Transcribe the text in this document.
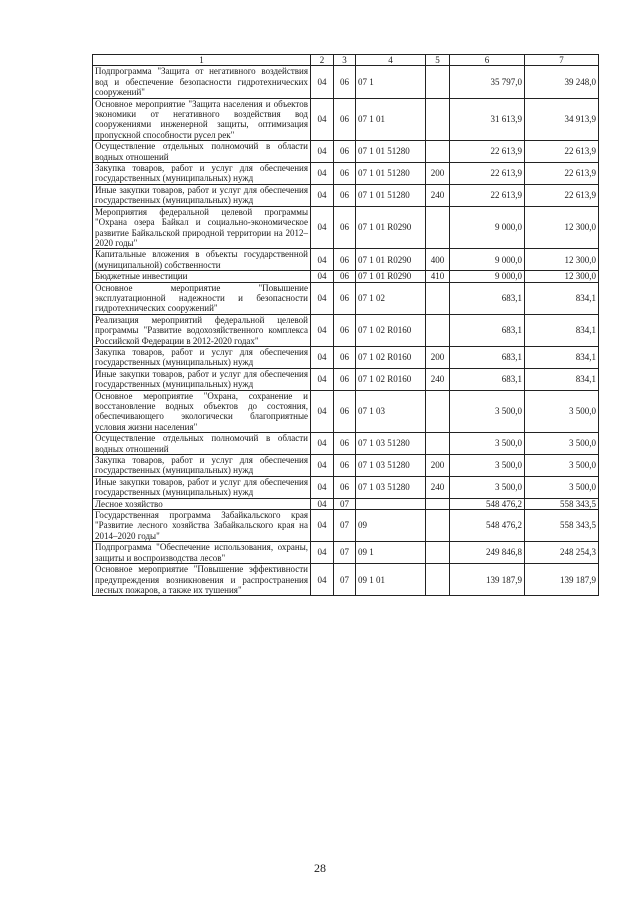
1	2	3	4	5	6	7
Подпрограмма "Защита от негативного воздействия вод и обеспечение безопасности гидротехнических сооружений"	04	06	07 1		35 797,0	39 248,0
Основное мероприятие "Защита населения и объектов экономики от негативного воздействия вод сооружениями инженерной защиты, оптимизация пропускной способности русел рек"	04	06	07 1 01		31 613,9	34 913,9
Осуществление отдельных полномочий в области водных отношений	04	06	07 1 01 51280		22 613,9	22 613,9
Закупка товаров, работ и услуг для обеспечения государственных (муниципальных) нужд	04	06	07 1 01 51280	200	22 613,9	22 613,9
Иные закупки товаров, работ и услуг для обеспечения государственных (муниципальных) нужд	04	06	07 1 01 51280	240	22 613,9	22 613,9
Мероприятия федеральной целевой программы "Охрана озера Байкал и социально-экономическое развитие Байкальской природной территории на 2012–2020 годы"	04	06	07 1 01 R0290		9 000,0	12 300,0
Капитальные вложения в объекты государственной (муниципальной) собственности	04	06	07 1 01 R0290	400	9 000,0	12 300,0
Бюджетные инвестиции	04	06	07 1 01 R0290	410	9 000,0	12 300,0
Основное мероприятие "Повышение эксплуатационной надежности и безопасности гидротехнических сооружений"	04	06	07 1 02		683,1	834,1
Реализация мероприятий федеральной целевой программы "Развитие водохозяйственного комплекса Российской Федерации в 2012-2020 годах"	04	06	07 1 02 R0160		683,1	834,1
Закупка товаров, работ и услуг для обеспечения государственных (муниципальных) нужд	04	06	07 1 02 R0160	200	683,1	834,1
Иные закупки товаров, работ и услуг для обеспечения государственных (муниципальных) нужд	04	06	07 1 02 R0160	240	683,1	834,1
Основное мероприятие "Охрана, сохранение и восстановление водных объектов до состояния, обеспечивающего экологически благоприятные условия жизни населения"	04	06	07 1 03		3 500,0	3 500,0
Осуществление отдельных полномочий в области водных отношений	04	06	07 1 03 51280		3 500,0	3 500,0
Закупка товаров, работ и услуг для обеспечения государственных (муниципальных) нужд	04	06	07 1 03 51280	200	3 500,0	3 500,0
Иные закупки товаров, работ и услуг для обеспечения государственных (муниципальных) нужд	04	06	07 1 03 51280	240	3 500,0	3 500,0
Лесное хозяйство	04	07			548 476,2	558 343,5
Государственная программа Забайкальского края "Развитие лесного хозяйства Забайкальского края на 2014–2020 годы"	04	07	09		548 476,2	558 343,5
Подпрограмма "Обеспечение использования, охраны, защиты и воспроизводства лесов"	04	07	09 1		249 846,8	248 254,3
Основное мероприятие "Повышение эффективности предупреждения возникновения и распространения лесных пожаров, а также их тушения"	04	07	09 1 01		139 187,9	139 187,9
28
